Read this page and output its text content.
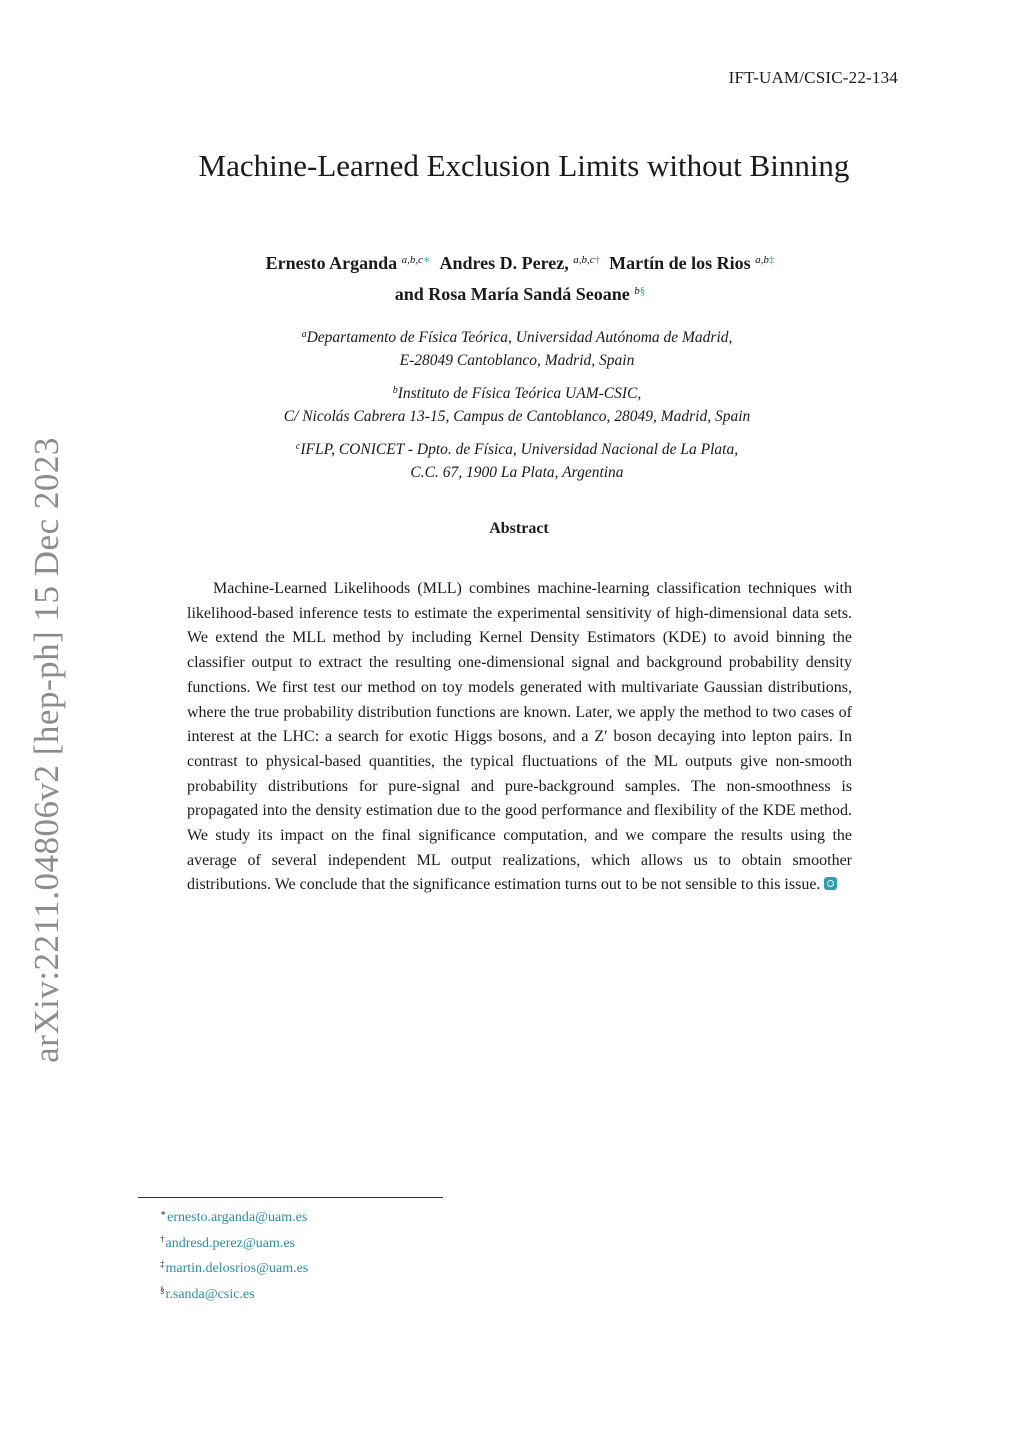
IFT-UAM/CSIC-22-134
arXiv:2211.04806v2 [hep-ph] 15 Dec 2023
Machine-Learned Exclusion Limits without Binning
Ernesto Arganda $^{a,b,c∗}$ Andres D. Perez, $^{a,b,c\dagger}$ Martín de los Rios $^{a,b\ddagger}$
and Rosa María Sandá Seoane $^{b\S}$
$^a$Departamento de Física Teórica, Universidad Autónoma de Madrid,
E-28049 Cantoblanco, Madrid, Spain
$^b$Instituto de Física Teórica UAM-CSIC,
C/ Nicolás Cabrera 13-15, Campus de Cantoblanco, 28049, Madrid, Spain
$^c$IFLP, CONICET - Dpto. de Física, Universidad Nacional de La Plata,
C.C. 67, 1900 La Plata, Argentina
Abstract
Machine-Learned Likelihoods (MLL) combines machine-learning classification techniques with likelihood-based inference tests to estimate the experimental sensitivity of high-dimensional data sets. We extend the MLL method by including Kernel Density Estimators (KDE) to avoid binning the classifier output to extract the resulting one-dimensional signal and background probability density functions. We first test our method on toy models generated with multivariate Gaussian distributions, where the true probability distribution functions are known. Later, we apply the method to two cases of interest at the LHC: a search for exotic Higgs bosons, and a Z′ boson decaying into lepton pairs. In contrast to physical-based quantities, the typical fluctuations of the ML outputs give non-smooth probability distributions for pure-signal and pure-background samples. The non-smoothness is propagated into the density estimation due to the good performance and flexibility of the KDE method. We study its impact on the final significance computation, and we compare the results using the average of several independent ML output realizations, which allows us to obtain smoother distributions. We conclude that the significance estimation turns out to be not sensible to this issue.
∗ernesto.arganda@uam.es
†andresd.perez@uam.es
‡martin.delosrios@uam.es
§r.sanda@csic.es
